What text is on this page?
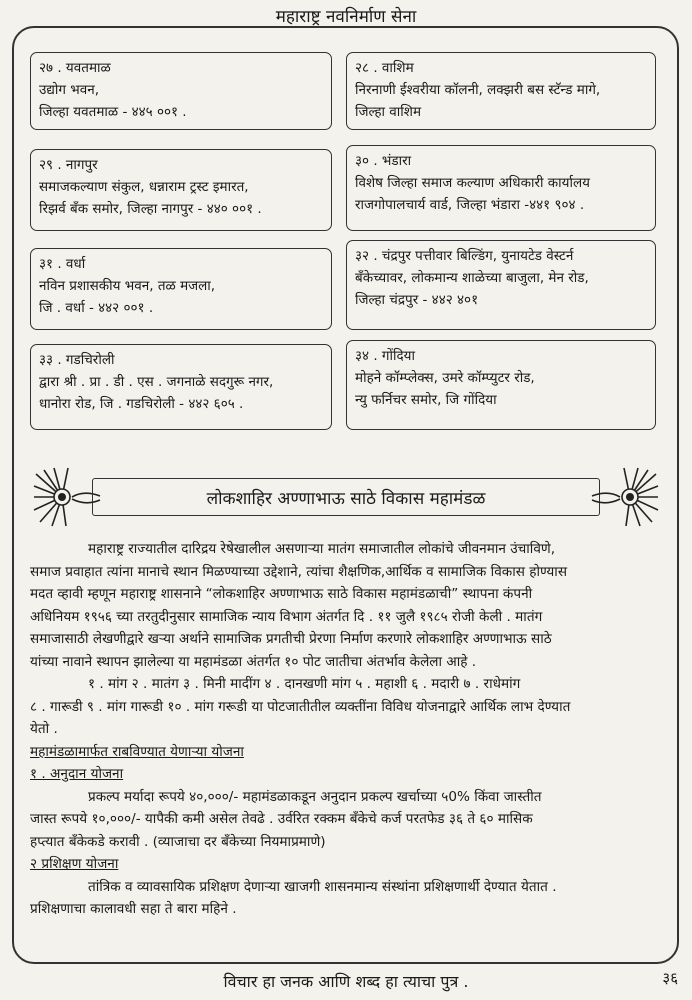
महाराष्ट्र नवनिर्माण सेना
२७ . यवतमाळ
उद्योग भवन,
जिल्हा यवतमाळ - ४४५ ००१ .
२८ . वाशिम
निरनाणी ईश्वरीया कॉलनी, लक्झरी बस स्टॅन्ड मागे,
जिल्हा वाशिम
२९ . नागपुर
समाजकल्याण संकुल, धन्नाराम ट्रस्ट इमारत,
रिझर्व बॅंक समोर, जिल्हा नागपुर - ४४० ००१ .
३० . भंडारा
विशेष जिल्हा समाज कल्याण अधिकारी कार्यालय
राजगोपालचार्य वार्ड, जिल्हा भंडारा -४४१ ९०४ .
३१ . वर्धा
नविन प्रशासकीय भवन, तळ मजला,
जि . वर्धा - ४४२ ००१ .
३२ . चंद्रपुर पत्तीवार बिल्डिंग, युनायटेड वेस्टर्न
बॅंकेच्यावर, लोकमान्य शाळेच्या बाजुला, मेन रोड,
जिल्हा चंद्रपुर - ४४२ ४०१
३३ . गडचिरोली
द्वारा श्री . प्रा . डी . एस . जगनाळे सदगुरू नगर,
धानोरा रोड, जि . गडचिरोली - ४४२ ६०५ .
३४ . गोंदिया
मोहने कॉम्प्लेक्स, उमरे कॉम्प्युटर रोड,
न्यु फर्निचर समोर, जि गोंदिया
लोकशाहिर अण्णाभाऊ साठे विकास महामंडळ
महाराष्ट्र राज्यातील दारिद्रय रेषेखालील असणाऱ्या मातंग समाजातील लोकांचे जीवनमान उंचाविणे,
समाज प्रवाहात त्यांना मानाचे स्थान मिळण्याच्या उद्देशाने, त्यांचा शैक्षणिक,आर्थिक व सामाजिक विकास होण्यास
मदत व्हावी म्हणून महाराष्ट्र शासनाने “लोकशाहिर अण्णाभाऊ साठे विकास महामंडळाची” स्थापना कंपनी
अधिनियम १९५६ च्या तरतुदीनुसार सामाजिक न्याय विभाग अंतर्गत दि . ११ जुलै १९८५ रोजी केली . मातंग
समाजासाठी लेखणीद्वारे खऱ्या अर्थाने सामाजिक प्रगतीची प्रेरणा निर्माण करणारे लोकशाहिर अण्णाभाऊ साठे
यांच्या नावाने स्थापन झालेल्या या महामंडळा अंतर्गत १० पोट जातीचा अंतर्भाव केलेला आहे .
१ . मांग २ . मातंग ३ . मिनी मादींग ४ . दानखणी मांग ५ . महाशी ६ . मदारी ७ . राधेमांग
८ . गारूडी ९ . मांग गारूडी १० . मांग गरूडी या पोटजातीतील व्यक्तींना विविध योजनाद्वारे आर्थिक लाभ देण्यात
येतो .
महामंडळामार्फत राबविण्यात येणाऱ्या योजना
१ . अनुदान योजना
प्रकल्प मर्यादा रूपये ४०,०००/- महामंडळाकडून अनुदान प्रकल्प खर्चाच्या ५0% किंवा जास्तीत
जास्त रूपये १०,०००/- यापैकी कमी असेल तेवढे . उर्वरित रक्कम बॅंकेचे कर्ज परतफेड ३६ ते ६० मासिक
हप्त्यात बॅंकेकडे करावी . (व्याजाचा दर बॅंकेच्या नियमाप्रमाणे)
२ प्रशिक्षण योजना
तांत्रिक व व्यावसायिक प्रशिक्षण देणाऱ्या खाजगी शासनमान्य संस्थांना प्रशिक्षणार्थी देण्यात येतात .
प्रशिक्षणाचा कालावधी सहा ते बारा महिने .
विचार हा जनक आणि शब्द हा त्याचा पुत्र .	३६
